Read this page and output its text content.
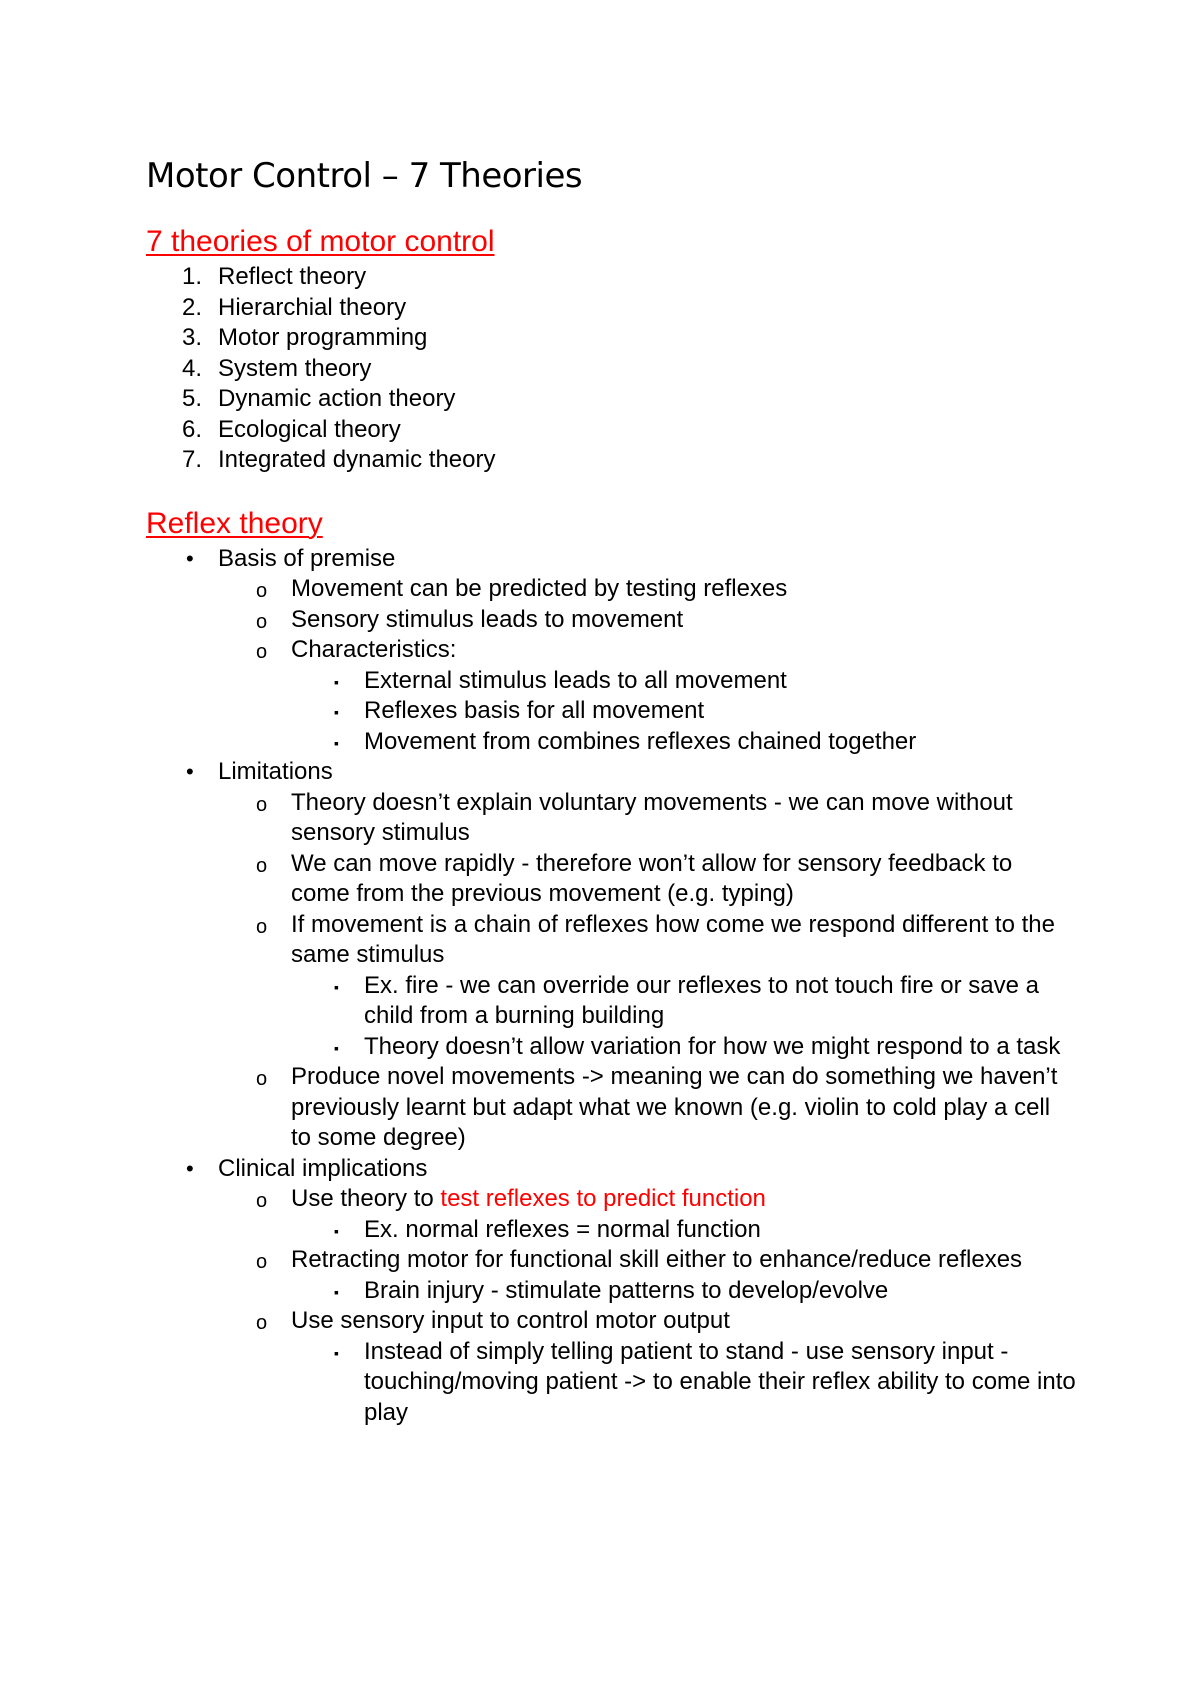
Motor Control – 7 Theories
7 theories of motor control
1. Reflect theory
2. Hierarchial theory
3. Motor programming
4. System theory
5. Dynamic action theory
6. Ecological theory
7. Integrated dynamic theory
Reflex theory
• Basis of premise
o Movement can be predicted by testing reflexes
o Sensory stimulus leads to movement
o Characteristics:
▪ External stimulus leads to all movement
▪ Reflexes basis for all movement
▪ Movement from combines reflexes chained together
• Limitations
o Theory doesn’t explain voluntary movements - we can move without sensory stimulus
o We can move rapidly - therefore won’t allow for sensory feedback to come from the previous movement (e.g. typing)
o If movement is a chain of reflexes how come we respond different to the same stimulus
▪ Ex. fire - we can override our reflexes to not touch fire or save a child from a burning building
▪ Theory doesn’t allow variation for how we might respond to a task
o Produce novel movements -> meaning we can do something we haven’t previously learnt but adapt what we known (e.g. violin to cold play a cell to some degree)
• Clinical implications
o Use theory to test reflexes to predict function
▪ Ex. normal reflexes = normal function
o Retracting motor for functional skill either to enhance/reduce reflexes
▪ Brain injury - stimulate patterns to develop/evolve
o Use sensory input to control motor output
▪ Instead of simply telling patient to stand - use sensory input - touching/moving patient -> to enable their reflex ability to come into play
